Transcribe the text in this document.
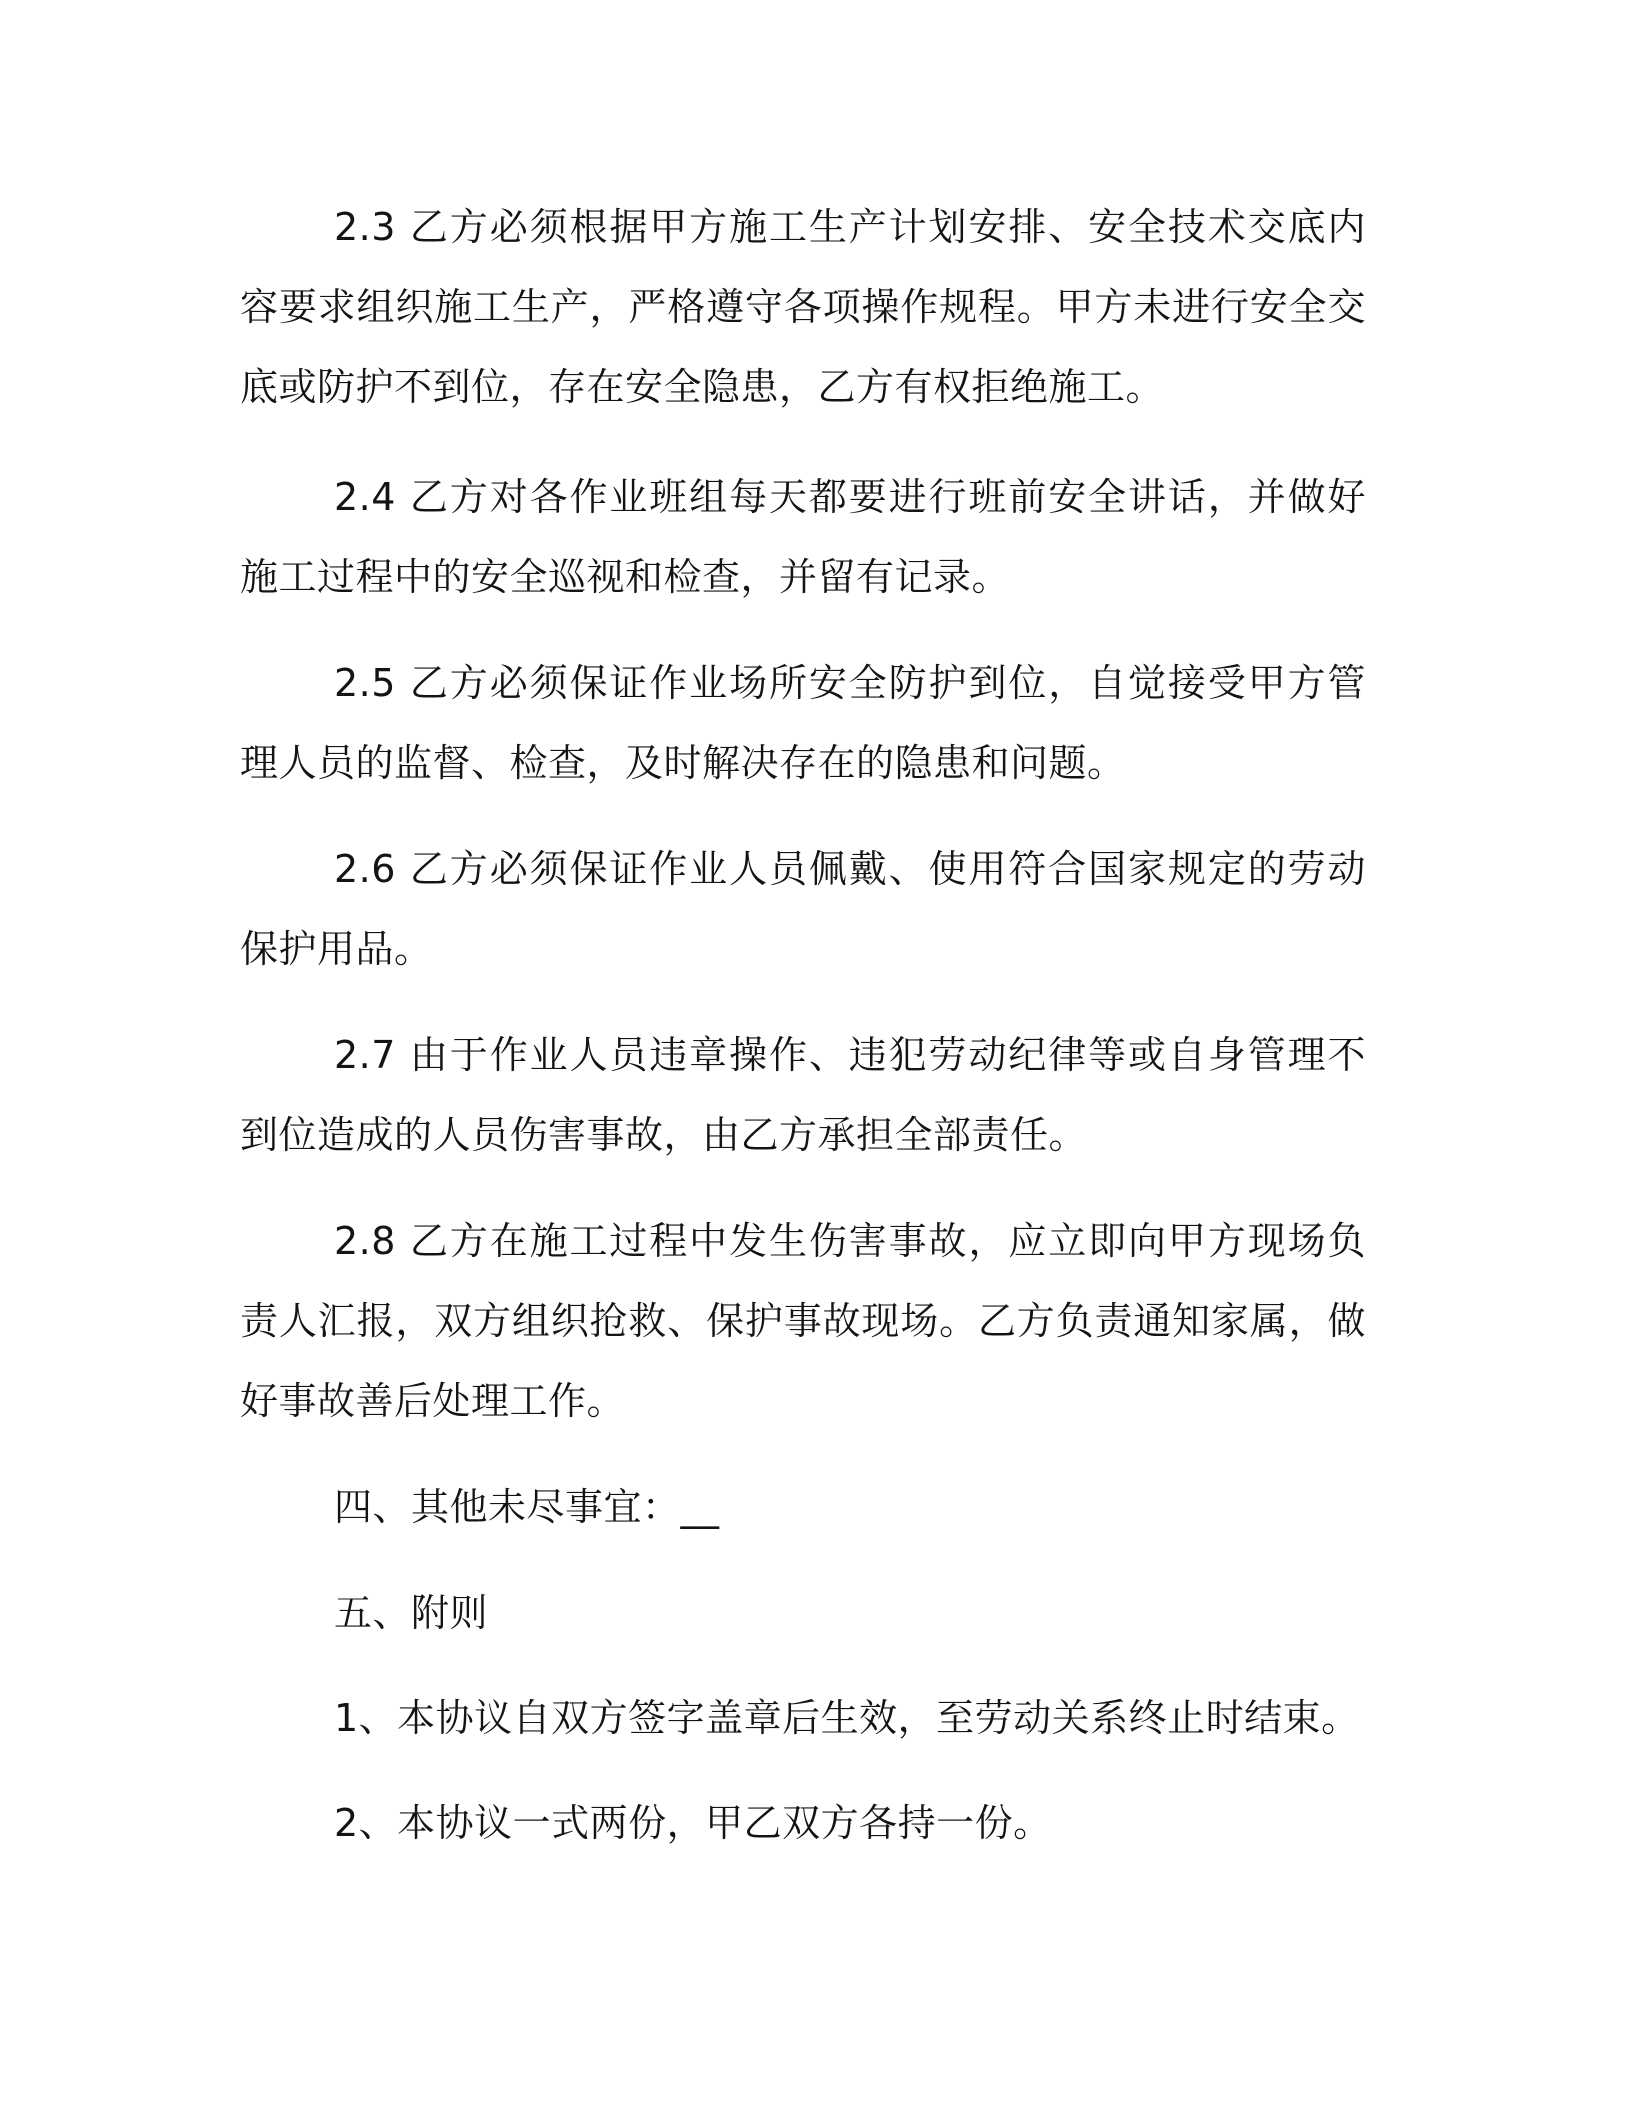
2.3 乙方必须根据甲方施工生产计划安排、安全技术交底内容要求组织施工生产，严格遵守各项操作规程。甲方未进行安全交底或防护不到位，存在安全隐患，乙方有权拒绝施工。

2.4 乙方对各作业班组每天都要进行班前安全讲话，并做好施工过程中的安全巡视和检查，并留有记录。

2.5 乙方必须保证作业场所安全防护到位，自觉接受甲方管理人员的监督、检查，及时解决存在的隐患和问题。

2.6 乙方必须保证作业人员佩戴、使用符合国家规定的劳动保护用品。

2.7 由于作业人员违章操作、违犯劳动纪律等或自身管理不到位造成的人员伤害事故，由乙方承担全部责任。

2.8 乙方在施工过程中发生伤害事故，应立即向甲方现场负责人汇报，双方组织抢救、保护事故现场。乙方负责通知家属，做好事故善后处理工作。

四、其他未尽事宜：__

五、附则

1、本协议自双方签字盖章后生效，至劳动关系终止时结束。

2、本协议一式两份，甲乙双方各持一份。
